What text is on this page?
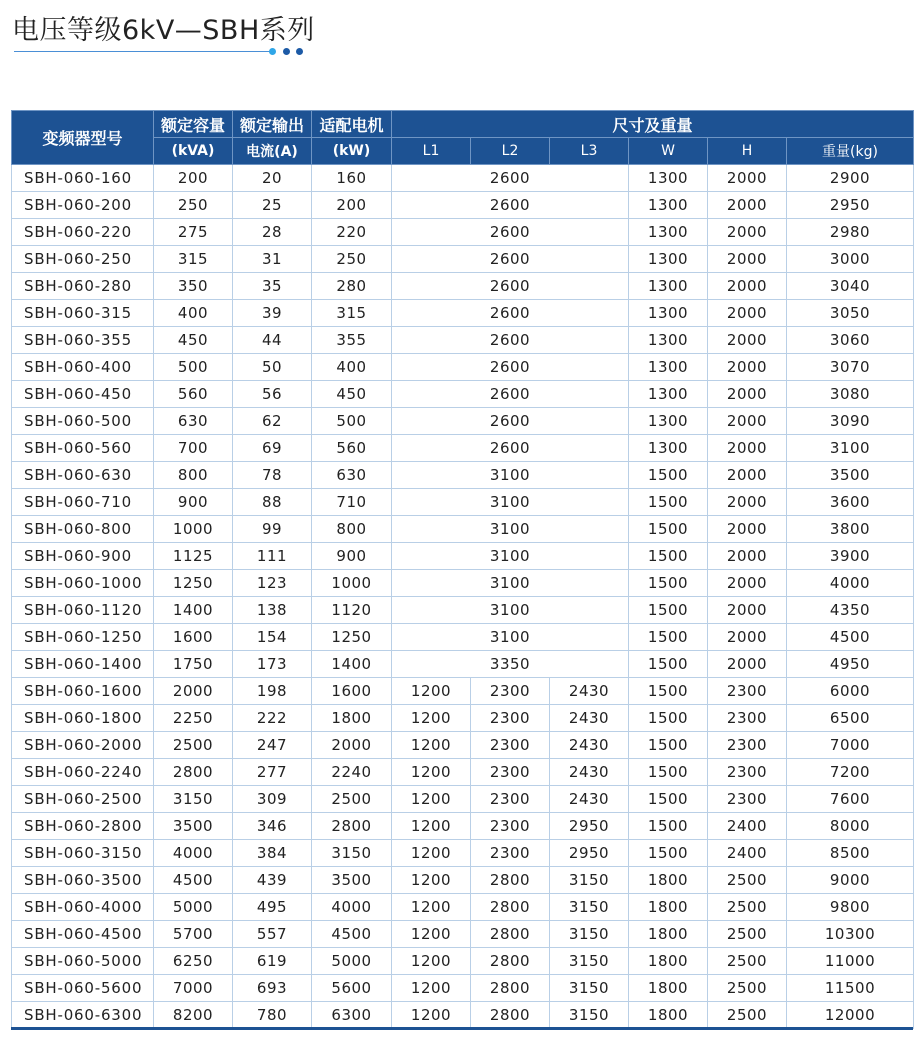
电压等级6kV—SBH系列
变频器型号	额定容量	额定输出	适配电机	尺寸及重量					
	(kVA)	电流(A)	(kW)	L1	L2	L3	W	H	重量(kg)
SBH-060-160	200	20	160	2600			1300	2000	2900
SBH-060-200	250	25	200	2600			1300	2000	2950
SBH-060-220	275	28	220	2600			1300	2000	2980
SBH-060-250	315	31	250	2600			1300	2000	3000
SBH-060-280	350	35	280	2600			1300	2000	3040
SBH-060-315	400	39	315	2600			1300	2000	3050
SBH-060-355	450	44	355	2600			1300	2000	3060
SBH-060-400	500	50	400	2600			1300	2000	3070
SBH-060-450	560	56	450	2600			1300	2000	3080
SBH-060-500	630	62	500	2600			1300	2000	3090
SBH-060-560	700	69	560	2600			1300	2000	3100
SBH-060-630	800	78	630	3100			1500	2000	3500
SBH-060-710	900	88	710	3100			1500	2000	3600
SBH-060-800	1000	99	800	3100			1500	2000	3800
SBH-060-900	1125	111	900	3100			1500	2000	3900
SBH-060-1000	1250	123	1000	3100			1500	2000	4000
SBH-060-1120	1400	138	1120	3100			1500	2000	4350
SBH-060-1250	1600	154	1250	3100			1500	2000	4500
SBH-060-1400	1750	173	1400	3350			1500	2000	4950
SBH-060-1600	2000	198	1600	1200	2300	2430	1500	2300	6000
SBH-060-1800	2250	222	1800	1200	2300	2430	1500	2300	6500
SBH-060-2000	2500	247	2000	1200	2300	2430	1500	2300	7000
SBH-060-2240	2800	277	2240	1200	2300	2430	1500	2300	7200
SBH-060-2500	3150	309	2500	1200	2300	2430	1500	2300	7600
SBH-060-2800	3500	346	2800	1200	2300	2950	1500	2400	8000
SBH-060-3150	4000	384	3150	1200	2300	2950	1500	2400	8500
SBH-060-3500	4500	439	3500	1200	2800	3150	1800	2500	9000
SBH-060-4000	5000	495	4000	1200	2800	3150	1800	2500	9800
SBH-060-4500	5700	557	4500	1200	2800	3150	1800	2500	10300
SBH-060-5000	6250	619	5000	1200	2800	3150	1800	2500	11000
SBH-060-5600	7000	693	5600	1200	2800	3150	1800	2500	11500
SBH-060-6300	8200	780	6300	1200	2800	3150	1800	2500	12000
